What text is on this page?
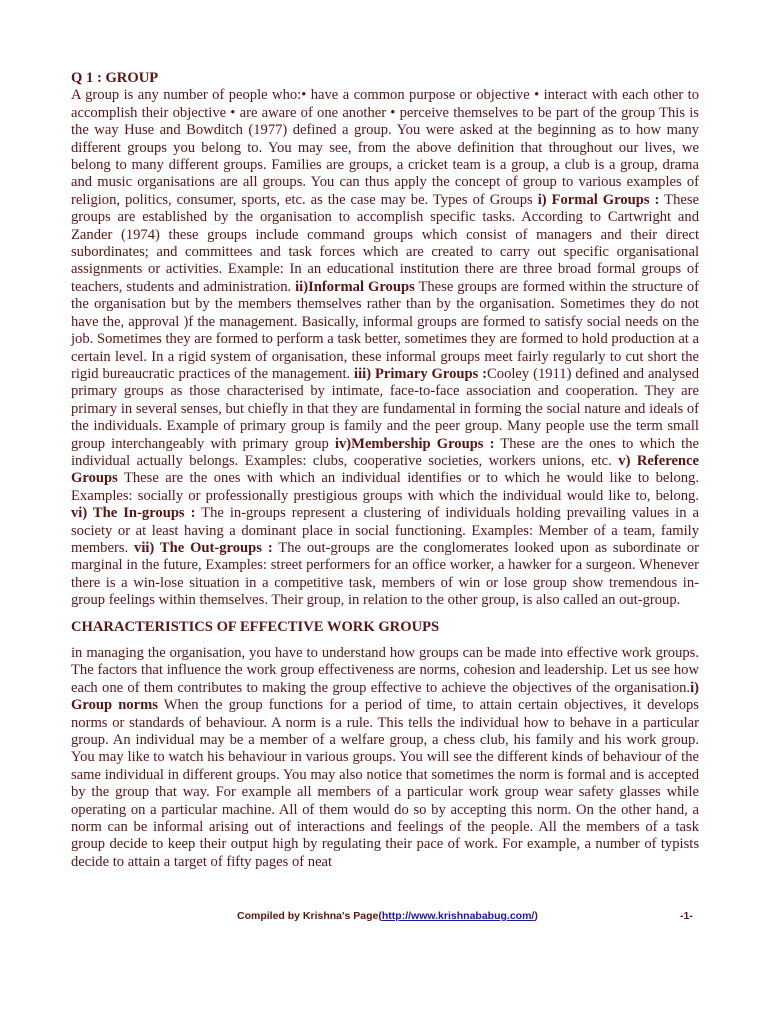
Q 1 : GROUP

A group is any number of people who:• have a common purpose or objective • interact with each other to accomplish their objective • are aware of one another • perceive themselves to be part of the group This is the way Huse and Bowditch (1977) defined a group. You were asked at the beginning as to how many different groups you belong to. You may see, from the above definition that throughout our lives, we belong to many different groups. Families are groups, a cricket team is a group, a club is a group, drama and music organisations are all groups. You can thus apply the concept of group to various examples of religion, politics, consumer, sports, etc. as the case may be. Types of Groups i) Formal Groups : These groups are established by the organisation to accomplish specific tasks. According to Cartwright and Zander (1974) these groups include command groups which consist of managers and their direct subordinates; and committees and task forces which are created to carry out specific organisational assignments or activities. Example: In an educational institution there are three broad formal groups of teachers, students and administration. ii)Informal Groups These groups are formed within the structure of the organisation but by the members themselves rather than by the organisation. Sometimes they do not have the, approval )f the management. Basically, informal groups are formed to satisfy social needs on the job. Sometimes they are formed to perform a task better, sometimes they are formed to hold production at a certain level. In a rigid system of organisation, these informal groups meet fairly regularly to cut short the rigid bureaucratic practices of the management. iii) Primary Groups :Cooley (1911) defined and analysed primary groups as those characterised by intimate, face-to-face association and cooperation. They are primary in several senses, but chiefly in that they are fundamental in forming the social nature and ideals of the individuals. Example of primary group is family and the peer group. Many people use the term small group interchangeably with primary group iv)Membership Groups : These are the ones to which the individual actually belongs. Examples: clubs, cooperative societies, workers unions, etc. v) Reference Groups These are the ones with which an individual identifies or to which he would like to belong. Examples: socially or professionally prestigious groups with which the individual would like to, belong. vi) The In-groups : The in-groups represent a clustering of individuals holding prevailing values in a society or at least having a dominant place in social functioning. Examples: Member of a team, family members. vii) The Out-groups : The out-groups are the conglomerates looked upon as subordinate or marginal in the future, Examples: street performers for an office worker, a hawker for a surgeon. Whenever there is a win-lose situation in a competitive task, members of win or lose group show tremendous in-group feelings within themselves. Their group, in relation to the other group, is also called an out-group.

CHARACTERISTICS OF EFFECTIVE WORK GROUPS

in managing the organisation, you have to understand how groups can be made into effective work groups. The factors that influence the work group effectiveness are norms, cohesion and leadership. Let us see how each one of them contributes to making the group effective to achieve the objectives of the organisation.i) Group norms When the group functions for a period of time, to attain certain objectives, it develops norms or standards of behaviour. A norm is a rule. This tells the individual how to behave in a particular group. An individual may be a member of a welfare group, a chess club, his family and his work group. You may like to watch his behaviour in various groups. You will see the different kinds of behaviour of the same individual in different groups. You may also notice that sometimes the norm is formal and is accepted by the group that way. For example all members of a particular work group wear safety glasses while operating on a particular machine. All of them would do so by accepting this norm. On the other hand, a norm can be informal arising out of interactions and feelings of the people. All the members of a task group decide to keep their output high by regulating their pace of work. For example, a number of typists decide to attain a target of fifty pages of neat

Compiled by Krishna's Page(http://www.krishnababug.com/)	-1-
